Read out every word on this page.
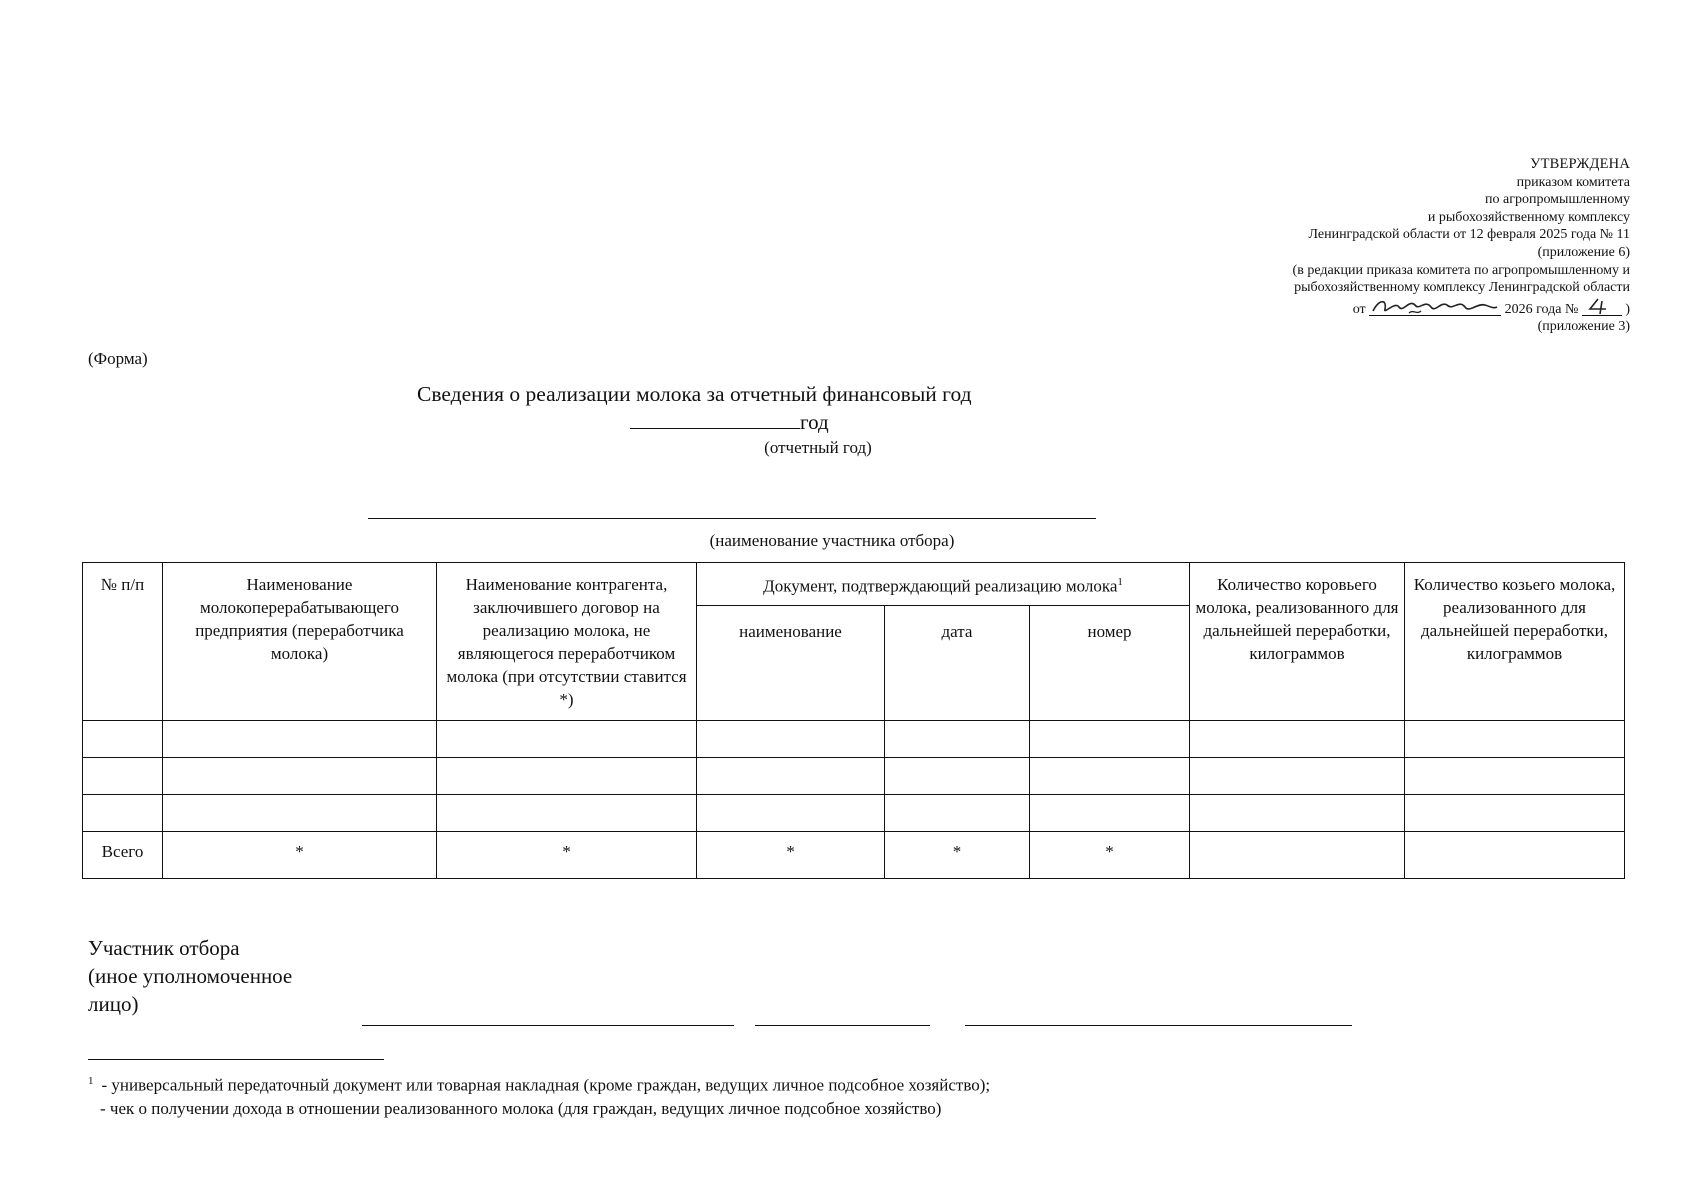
УТВЕРЖДЕНА
приказом комитета
по агропромышленному
и рыбохозяйственному комплексу
Ленинградской области от 12 февраля 2025 года № 11
(приложение 6)
(в редакции приказа комитета по агропромышленному и
рыбохозяйственному комплексу Ленинградской области
от	2026 года №	)
(приложение 3)
(Форма)
Сведения о реализации молока за отчетный финансовый год
год
(отчетный год)
(наименование участника отбора)
№ п/п	Наименование молокоперерабатывающего предприятия (переработчика молока)	Наименование контрагента, заключившего договор на реализацию молока, не являющегося переработчиком молока (при отсутствии ставится *)	Документ, подтверждающий реализацию молока$^1$			Количество коровьего молока, реализованного для дальнейшей переработки, килограммов	Количество козьего молока, реализованного для дальнейшей переработки, килограммов
			наименование	дата	номер		

Всего	*	*	*	*	*		
Участник отбора
(иное уполномоченное
лицо)
$^1$ - универсальный передаточный документ или товарная накладная (кроме граждан, ведущих личное подсобное хозяйство);
- чек о получении дохода в отношении реализованного молока (для граждан, ведущих личное подсобное хозяйство)
